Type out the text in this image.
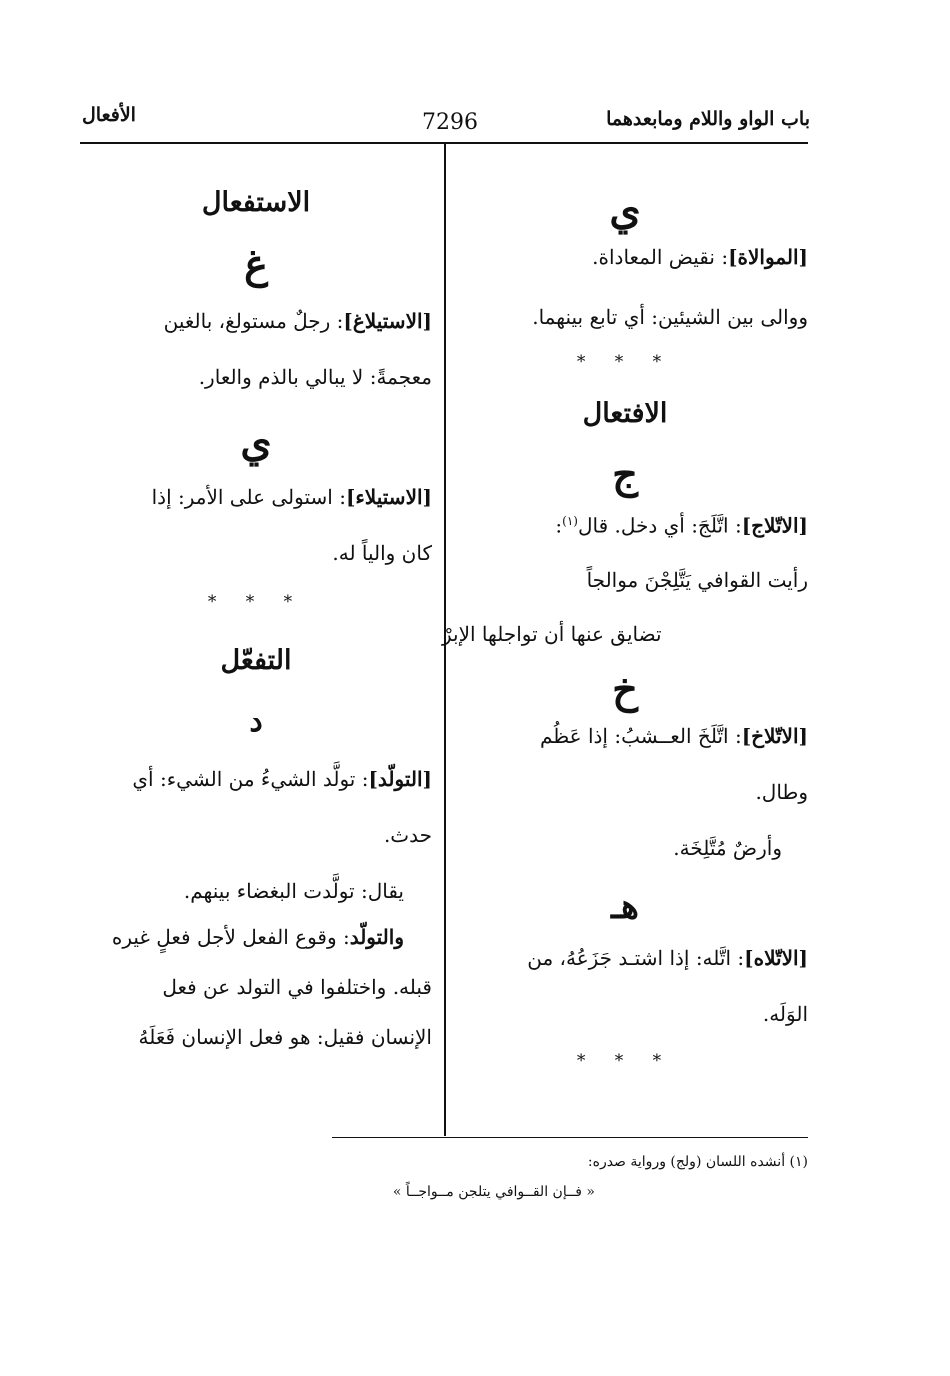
باب الواو واللام ومابعدهما
7296
الأفعال
ي

[الموالاة]: نقيض المعاداة.

ووالى بين الشيئين: أي تابع بينهما.

* * *

الافتعال
ج

[الاتّلاج]: اتَّلَجَ: أي دخل. قال$^{(١)}$:

رأيت القوافي يَتَّلِجْنَ موالجاً

تضايق عنها أن تواجلها الإبرْ

خ

[الاتّلاخ]: اتَّلَخَ العــشبُ: إذا عَظُم

وطال.

وأرضٌ مُتَّلِخَة.

هـ

[الاتّلاه]: اتَّله: إذا اشتـد جَزَعُهُ، من

الوَلَه.

* * *

الاستفعال
غ

[الاستيلاغ]: رجلٌ مستولغ، بالغين

معجمةً: لا يبالي بالذم والعار.

ي

[الاستيلاء]: استولى على الأمر: إذا

كان والياً له.

* * *

التفعّل
د

[التولّد]: تولَّد الشيءُ من الشيء: أي

حدث.

يقال: تولَّدت البغضاء بينهم.

والتولّد: وقوع الفعل لأجل فعلٍ غيره

قبله. واختلفوا في التولد عن فعل

الإنسان فقيل: هو فعل الإنسان فَعَلَهُ

(١) أنشده اللسان (ولج) ورواية صدره:
« فــإن القــوافي يتلجن مــواجــاً »
